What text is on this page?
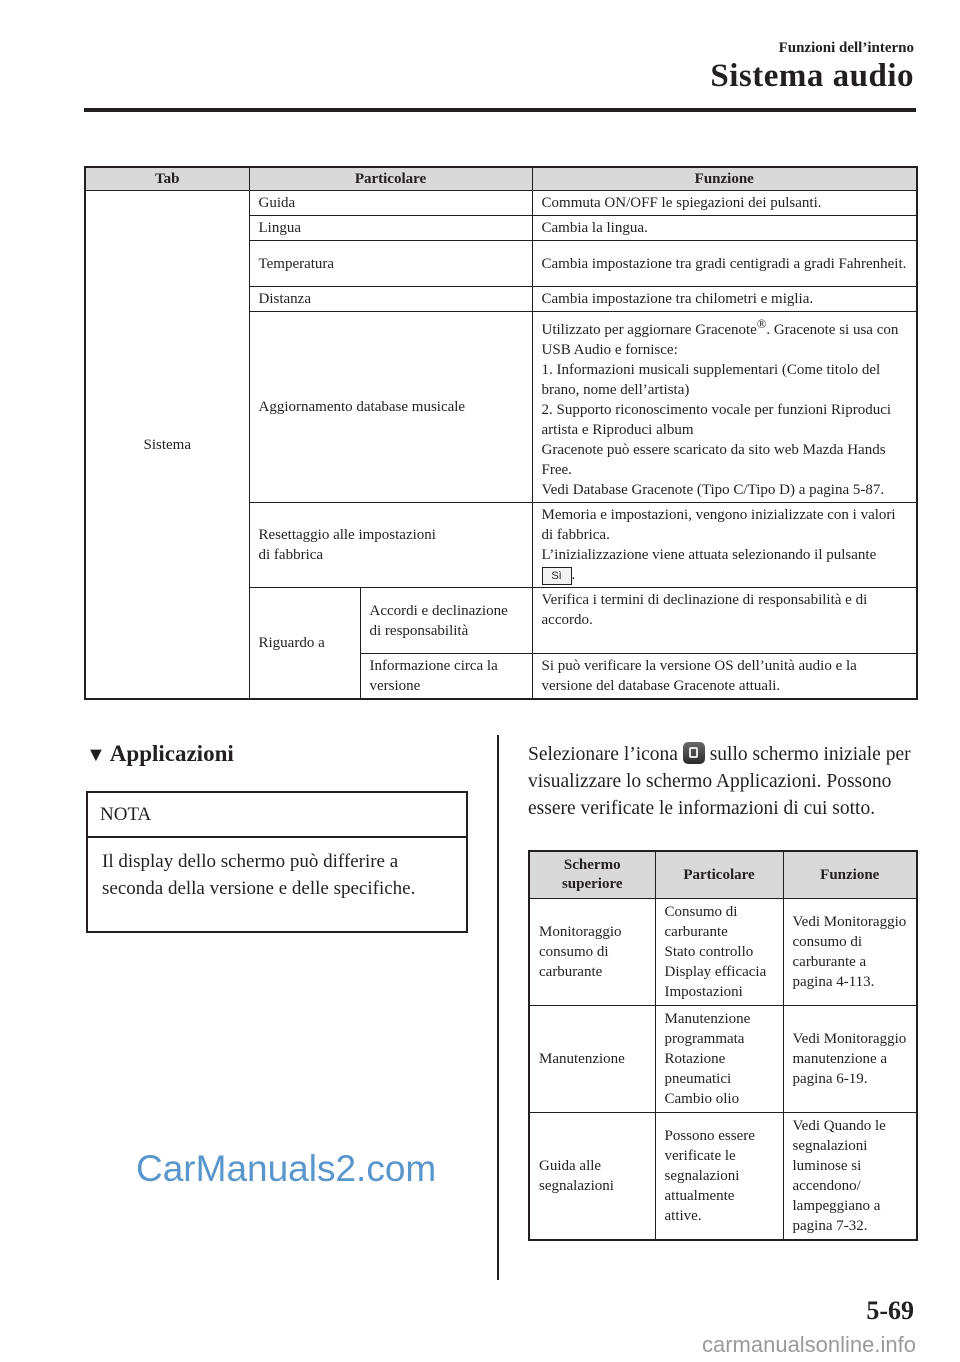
Funzioni dell’interno
Sistema audio
Tab	Particolare		Funzione
Sistema	Guida		Commuta ON/OFF le spiegazioni dei pulsanti.
	Lingua		Cambia la lingua.
	Temperatura		Cambia impostazione tra gradi centigradi a gradi Fahrenheit.
	Distanza		Cambia impostazione tra chilometri e miglia.
	Aggiornamento database musicale		Utilizzato per aggiornare Gracenote®. Gracenote si usa con USB Audio e fornisce:
1. Informazioni musicali supplementari (Come titolo del brano, nome dell’artista)
2. Supporto riconoscimento vocale per funzioni Riproduci artista e Riproduci album
Gracenote può essere scaricato da sito web Mazda Hands Free.
Vedi Database Gracenote (Tipo C/Tipo D) a pagina 5-87.
	Resettaggio alle impostazioni
di fabbrica		Memoria e impostazioni, vengono inizializzate con i valori di fabbrica.
L’inizializzazione viene attuata selezionando il pulsante Sì .
	Riguardo a	Accordi e declinazione di responsabilità	Verifica i termini di declinazione di responsabilità e di accordo.
		Informazione circa la versione	Si può verificare la versione OS dell’unità audio e la versione del database Gracenote attuali.
▼ Applicazioni
NOTA
Il display dello schermo può differire a seconda della versione e delle specifiche.
Selezionare l’icona sullo schermo iniziale per visualizzare lo schermo Applicazioni. Possono essere verificate le informazioni di cui sotto.
Schermo superiore	Particolare	Funzione
Monitoraggio consumo di carburante	Consumo di carburante
Stato controllo
Display efficacia
Impostazioni	Vedi Monitoraggio consumo di carburante a pagina 4-113.
Manutenzione	Manutenzione programmata
Rotazione pneumatici
Cambio olio	Vedi Monitoraggio manutenzione a pagina 6-19.
Guida alle segnalazioni	Possono essere verificate le segnalazioni attualmente attive.	Vedi Quando le segnalazioni luminose si accendono/ lampeggiano a pagina 7-32.
CarManuals2.com
5-69
carmanualsonline.info
